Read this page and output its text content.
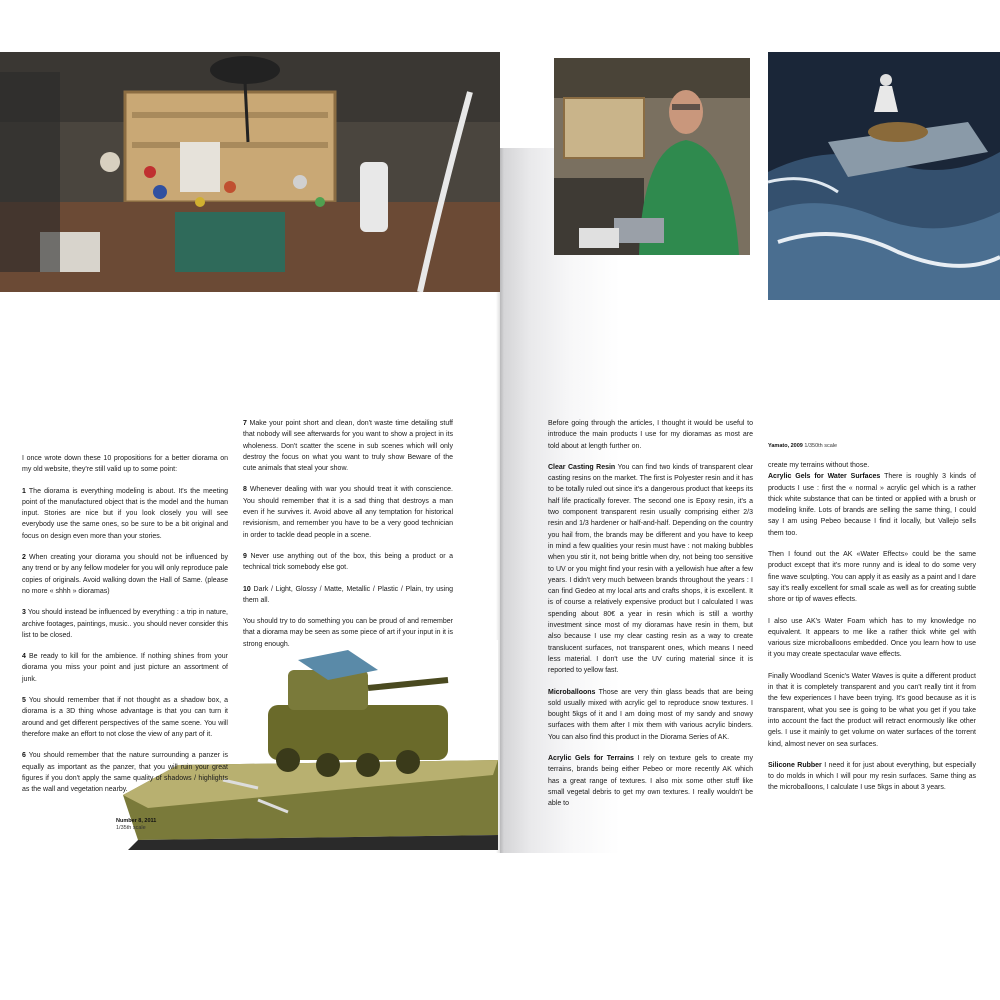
Yamato, 2009 1/350th scale
Number 8, 2011
1/35th scale

I once wrote down these 10 propositions for a better diorama on my old website, they're still valid up to some point:

1 The diorama is everything modeling is about. It's the meeting point of the manufactured object that is the model and the human input. Stories are nice but if you look closely you will see everybody use the same ones, so be sure to be a bit original and focus on design even more than your stories.

2 When creating your diorama you should not be influenced by any trend or by any fellow modeler for you will only reproduce pale copies of originals. Avoid walking down the Hall of Same. (please no more « shhh » dioramas)

3 You should instead be influenced by everything : a trip in nature, archive footages, paintings, music.. you should never consider this list to be closed.

4 Be ready to kill for the ambience. If nothing shines from your diorama you miss your point and just picture an assortment of junk.

5 You should remember that if not thought as a shadow box, a diorama is a 3D thing whose advantage is that you can turn it around and get different perspectives of the same scene. You will therefore make an effort to not close the view of any part of it.

6 You should remember that the nature surrounding a panzer is equally as important as the panzer, that you will ruin your great figures if you don't apply the same quality of shadows / highlights as the wall and vegetation nearby.

7 Make your point short and clean, don't waste time detailing stuff that nobody will see afterwards for you want to show a project in its wholeness. Don't scatter the scene in sub scenes which will only destroy the focus on what you want to truly show Beware of the cute animals that steal your show.

8 Whenever dealing with war you should treat it with conscience. You should remember that it is a sad thing that destroys a man even if he survives it. Avoid above all any temptation for historical revisionism, and remember you have to be a very good technician in order to tackle dead people in a scene.

9 Never use anything out of the box, this being a product or a technical trick somebody else got.

10 Dark / Light, Glossy / Matte, Metallic / Plastic / Plain, try using them all.

You should try to do something you can be proud of and remember that a diorama may be seen as some piece of art if your input in it is strong enough.

Before going through the articles, I thought it would be useful to introduce the main products I use for my dioramas as most are told about at length further on.

Clear Casting Resin You can find two kinds of transparent clear casting resins on the market. The first is Polyester resin and it has to be totally ruled out since it's a dangerous product that keeps its half life practically forever. The second one is Epoxy resin, it's a two component transparent resin usually comprising either 2/3 resin and 1/3 hardener or half-and-half. Depending on the country you hail from, the brands may be different and you have to keep in mind a few qualities your resin must have : not making bubbles when you stir it, not being brittle when dry, not being too sensitive to UV or you might find your resin with a yellowish hue after a few years. I didn't very much between brands throughout the years : I can find Gedeo at my local arts and crafts shops, it is excellent. It is of course a relatively expensive product but I calculated I was spending about 80€ a year in resin which is still a worthy investment since most of my dioramas have resin in them, but also because I use my clear casting resin as a way to create translucent surfaces, not transparent ones, which means I need less material. I don't use the UV curing material since it is reported to yellow fast.

Microballoons Those are very thin glass beads that are being sold usually mixed with acrylic gel to reproduce snow textures. I bought 5kgs of it and I am doing most of my sandy and snowy surfaces with them after I mix them with various acrylic binders. You can also find this product in the Diorama Series of AK.

Acrylic Gels for Terrains I rely on texture gels to create my terrains, brands being either Pebeo or more recently AK which has a great range of textures. I also mix some other stuff like small vegetal debris to get my own textures. I really wouldn't be able to

create my terrains without those.
Acrylic Gels for Water Surfaces There is roughly 3 kinds of products I use : first the « normal » acrylic gel which is a rather thick white substance that can be tinted or applied with a brush or modeling knife. Lots of brands are selling the same thing, I could say I am using Pebeo because I find it locally, but Vallejo sells them too.

Then I found out the AK «Water Effects» could be the same product except that it's more runny and is ideal to do some very fine wave sculpting. You can apply it as easily as a paint and I dare say it's really excellent for small scale as well as for creating subtle shore or tip of waves effects.

I also use AK's Water Foam which has to my knowledge no equivalent. It appears to me like a rather thick white gel with various size microballoons embedded. Once you learn how to use it you may create spectacular wave effects.

Finally Woodland Scenic's Water Waves is quite a different product in that it is completely transparent and you can't really tint it from the few experiences I have been trying. It's good because as it is transparent, what you see is going to be what you get if you take into account the fact the product will retract enormously like other gels. I use it mainly to get volume on water surfaces of the torrent kind, almost never on sea surfaces.

Silicone Rubber I need it for just about everything, but especially to do molds in which I will pour my resin surfaces. Same thing as the microballoons, I calculate I use 5kgs in about 3 years.
